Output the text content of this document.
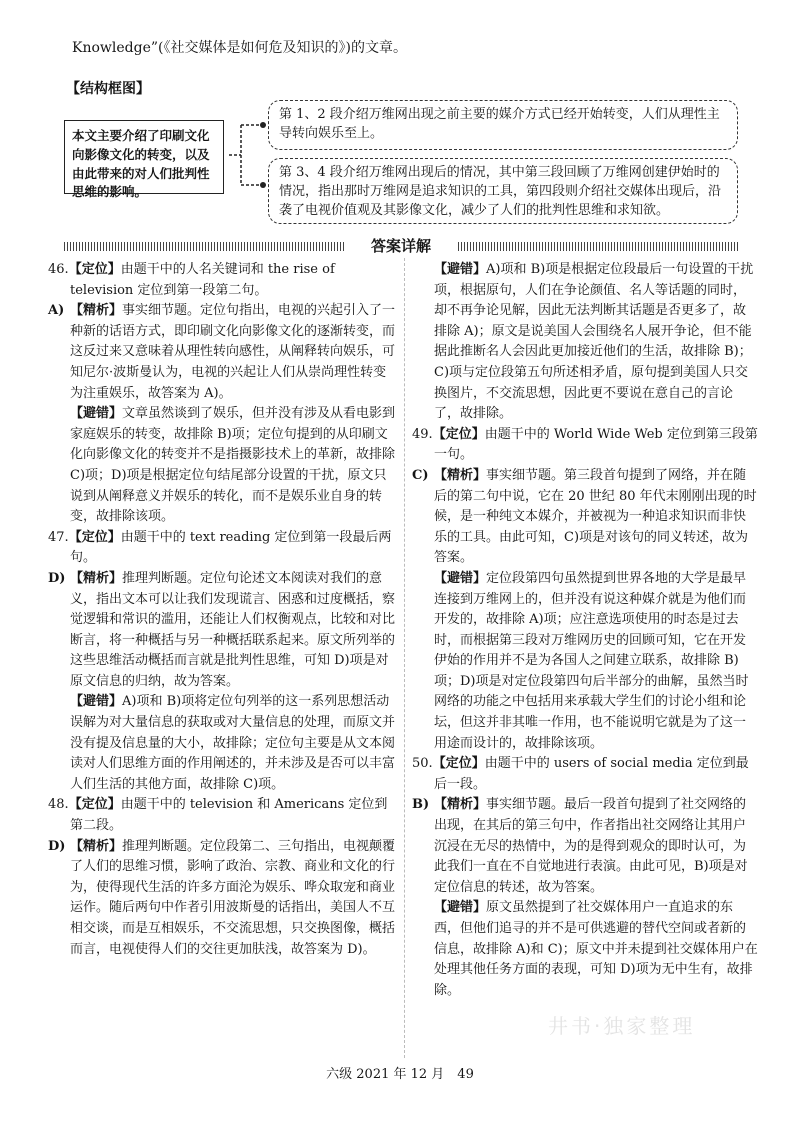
Knowledge”(《社交媒体是如何危及知识的》)的文章。
【结构框图】
本文主要介绍了印刷文化向影像文化的转变，以及由此带来的对人们批判性思维的影响。
第 1、2 段介绍万维网出现之前主要的媒介方式已经开始转变，人们从理性主导转向娱乐至上。
第 3、4 段介绍万维网出现后的情况，其中第三段回顾了万维网创建伊始时的情况，指出那时万维网是追求知识的工具，第四段则介绍社交媒体出现后，沿袭了电视价值观及其影像文化，减少了人们的批判性思维和求知欲。
答案详解

46.【定位】由题干中的人名关键词和 the rise of television 定位到第一段第二句。

A) 【精析】事实细节题。定位句指出，电视的兴起引入了一种新的话语方式，即印刷文化向影像文化的逐渐转变，而这反过来又意味着从理性转向感性，从阐释转向娱乐，可知尼尔·波斯曼认为，电视的兴起让人们从崇尚理性转变为注重娱乐，故答案为 A)。

【避错】文章虽然谈到了娱乐，但并没有涉及从看电影到家庭娱乐的转变，故排除 B)项；定位句提到的从印刷文化向影像文化的转变并不是指摄影技术上的革新，故排除 C)项；D)项是根据定位句结尾部分设置的干扰，原文只说到从阐释意义并娱乐的转化，而不是娱乐业自身的转变，故排除该项。

47.【定位】由题干中的 text reading 定位到第一段最后两句。

D) 【精析】推理判断题。定位句论述文本阅读对我们的意义，指出文本可以让我们发现谎言、困惑和过度概括，察觉逻辑和常识的滥用，还能让人们权衡观点，比较和对比断言，将一种概括与另一种概括联系起来。原文所列举的这些思维活动概括而言就是批判性思维，可知 D)项是对原文信息的归纳，故为答案。

【避错】A)项和 B)项将定位句列举的这一系列思想活动误解为对大量信息的获取或对大量信息的处理，而原文并没有提及信息量的大小，故排除；定位句主要是从文本阅读对人们思维方面的作用阐述的，并未涉及是否可以丰富人们生活的其他方面，故排除 C)项。

48.【定位】由题干中的 television 和 Americans 定位到第二段。

D) 【精析】推理判断题。定位段第二、三句指出，电视颠覆了人们的思维习惯，影响了政治、宗教、商业和文化的行为，使得现代生活的许多方面沦为娱乐、哗众取宠和商业运作。随后两句中作者引用波斯曼的话指出，美国人不互相交谈，而是互相娱乐，不交流思想，只交换图像，概括而言，电视使得人们的交往更加肤浅，故答案为 D)。

【避错】A)项和 B)项是根据定位段最后一句设置的干扰项，根据原句，人们在争论颜值、名人等话题的同时，却不再争论见解，因此无法判断其话题是否更多了，故排除 A)；原文是说美国人会围绕名人展开争论，但不能据此推断名人会因此更加接近他们的生活，故排除 B)；C)项与定位段第五句所述相矛盾，原句提到美国人只交换图片，不交流思想，因此更不要说在意自己的言论了，故排除。

49.【定位】由题干中的 World Wide Web 定位到第三段第一句。

C) 【精析】事实细节题。第三段首句提到了网络，并在随后的第二句中说，它在 20 世纪 80 年代末刚刚出现的时候，是一种纯文本媒介，并被视为一种追求知识而非快乐的工具。由此可知，C)项是对该句的同义转述，故为答案。

【避错】定位段第四句虽然提到世界各地的大学是最早连接到万维网上的，但并没有说这种媒介就是为他们而开发的，故排除 A)项；应注意选项使用的时态是过去时，而根据第三段对万维网历史的回顾可知，它在开发伊始的作用并不是为各国人之间建立联系，故排除 B)项；D)项是对定位段第四句后半部分的曲解，虽然当时网络的功能之中包括用来承载大学生们的讨论小组和论坛，但这并非其唯一作用，也不能说明它就是为了这一用途而设计的，故排除该项。

50.【定位】由题干中的 users of social media 定位到最后一段。

B) 【精析】事实细节题。最后一段首句提到了社交网络的出现，在其后的第三句中，作者指出社交网络让其用户沉浸在无尽的热情中，为的是得到观众的即时认可，为此我们一直在不自觉地进行表演。由此可见，B)项是对定位信息的转述，故为答案。

【避错】原文虽然提到了社交媒体用户一直追求的东西，但他们追寻的并不是可供逃避的替代空间或者新的信息，故排除 A)和 C)；原文中并未提到社交媒体用户在处理其他任务方面的表现，可知 D)项为无中生有，故排除。

井书·独家整理
六级 2021 年 12 月　49
